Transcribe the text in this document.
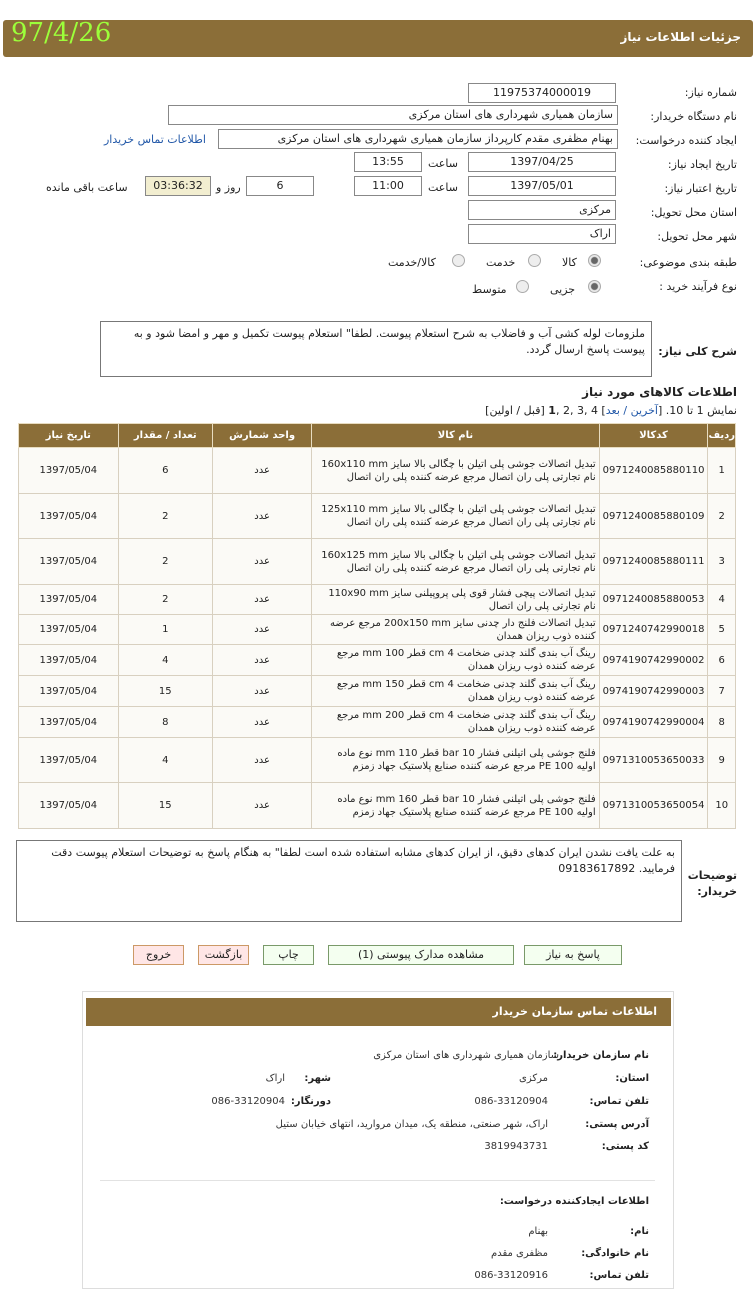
جزئیات اطلاعات نیاز
97/4/26
شماره نیاز:
11975374000019
نام دستگاه خریدار:
سازمان همیاری شهرداری های استان مرکزی
ایجاد کننده درخواست:
بهنام مظفری مقدم کارپرداز سازمان همیاری شهرداری های استان مرکزی
اطلاعات تماس خریدار
تاریخ ایجاد نیاز:
1397/04/25
ساعت
13:55
تاریخ اعتبار نیاز:
1397/05/01
ساعت
11:00
6
روز و
03:36:32
ساعت باقی مانده
استان محل تحویل:
مرکزی
شهر محل تحویل:
اراک
طبقه بندی موضوعی:
کالا
خدمت
کالا/خدمت
نوع فرآیند خرید :
جزیی
متوسط
شرح کلی نیاز:
ملزومات لوله کشی آب و فاضلاب به شرح استعلام پیوست. لطفا" استعلام پیوست تکمیل و مهر و امضا شود و به پیوست پاسخ ارسال گردد.
اطلاعات کالاهای مورد نیاز
نمایش 1 تا 10. [آخرین / بعد] 4 ,3 ,2 ,1 [قبل / اولین]
ردیف	کدکالا	نام کالا	واحد شمارش	تعداد / مقدار	تاریخ نیاز
1	0971240085880110	تبدیل اتصالات جوشی پلی اتیلن با چگالی بالا سایز 160x110 mm نام تجارتی پلی ران اتصال مرجع عرضه کننده پلی ران اتصال	عدد	6	1397/05/04
2	0971240085880109	تبدیل اتصالات جوشی پلی اتیلن با چگالی بالا سایز 125x110 mm نام تجارتی پلی ران اتصال مرجع عرضه کننده پلی ران اتصال	عدد	2	1397/05/04
3	0971240085880111	تبدیل اتصالات جوشی پلی اتیلن با چگالی بالا سایز 160x125 mm نام تجارتی پلی ران اتصال مرجع عرضه کننده پلی ران اتصال	عدد	2	1397/05/04
4	0971240085880053	تبدیل اتصالات پیچی فشار قوی پلی پروپیلنی سایز 110x90 mm نام تجارتی پلی ران اتصال	عدد	2	1397/05/04
5	0971240742990018	تبدیل اتصالات فلنج دار چدنی سایز 200x150 mm مرجع عرضه کننده ذوب ریزان همدان	عدد	1	1397/05/04
6	0974190742990002	رینگ آب بندی گلند چدنی ضخامت 4 cm قطر 100 mm مرجع عرضه کننده ذوب ریزان همدان	عدد	4	1397/05/04
7	0974190742990003	رینگ آب بندی گلند چدنی ضخامت 4 cm قطر 150 mm مرجع عرضه کننده ذوب ریزان همدان	عدد	15	1397/05/04
8	0974190742990004	رینگ آب بندی گلند چدنی ضخامت 4 cm قطر 200 mm مرجع عرضه کننده ذوب ریزان همدان	عدد	8	1397/05/04
9	0971310053650033	فلنج جوشی پلی اتیلنی فشار 10 bar قطر 110 mm نوع ماده اولیه PE 100 مرجع عرضه کننده صنایع پلاستیک جهاد زمزم	عدد	4	1397/05/04
10	0971310053650054	فلنج جوشی پلی اتیلنی فشار 10 bar قطر 160 mm نوع ماده اولیه PE 100 مرجع عرضه کننده صنایع پلاستیک جهاد زمزم	عدد	15	1397/05/04
توضیحات خریدار:
به علت یافت نشدن ایران کدهای دقیق، از ایران کدهای مشابه استفاده شده است لطفا" به هنگام پاسخ به توضیحات استعلام پیوست دقت فرمایید. 09183617892
پاسخ به نیاز
مشاهده مدارک پیوستی (1)
چاپ
بازگشت
خروج
اطلاعات تماس سازمان خریدار
نام سازمان خریدار:
سازمان همیاری شهرداری های استان مرکزی
استان:
مرکزی
شهر:
اراک
تلفن تماس:
086-33120904
دورنگار:
086-33120904
آدرس پستی:
اراک، شهر صنعتی، منطقه یک، میدان مروارید، انتهای خیابان ستیل
کد پستی:
3819943731
اطلاعات ایجادکننده درخواست:
نام:
بهنام
نام خانوادگی:
مظفری مقدم
تلفن تماس:
086-33120916
